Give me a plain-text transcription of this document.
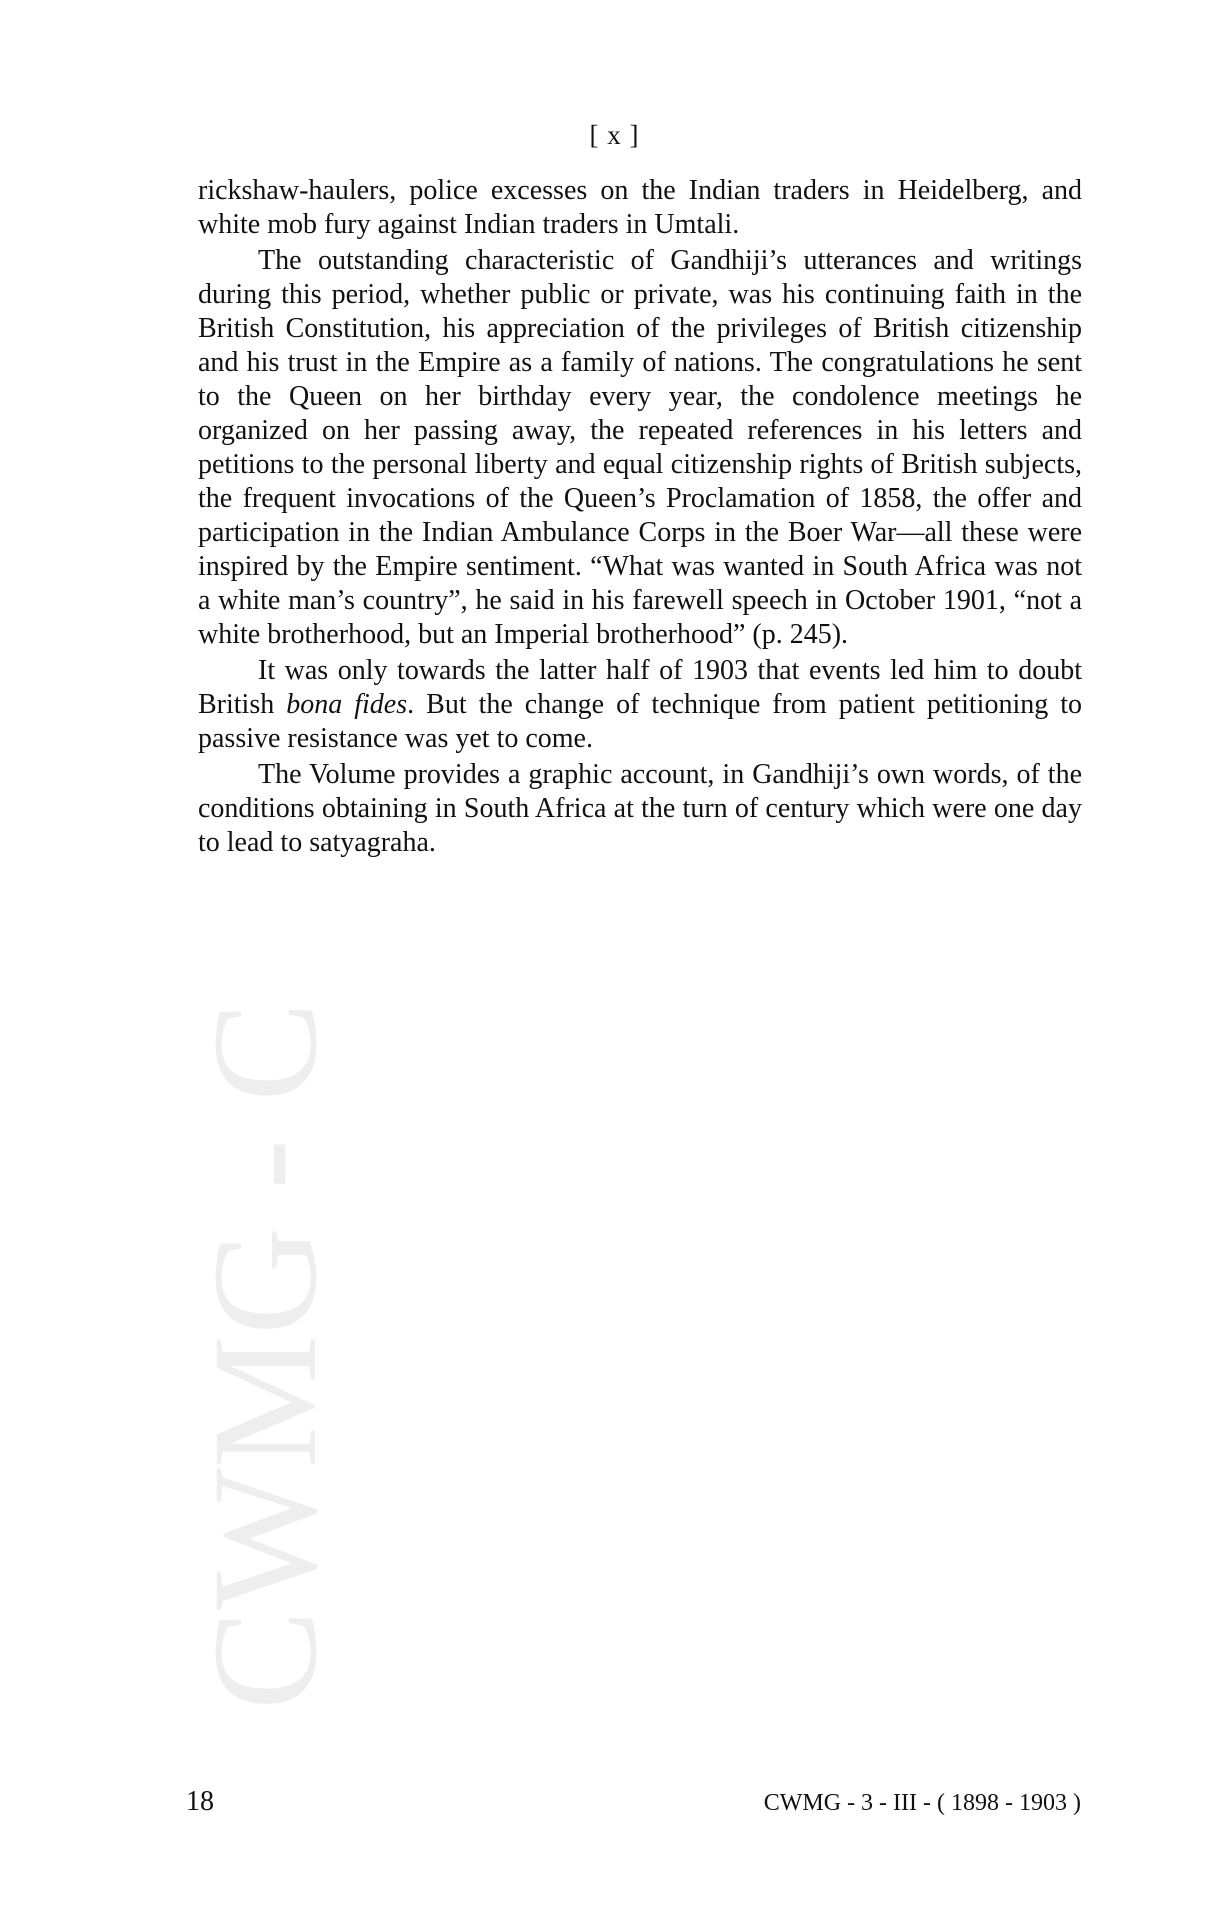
CWMG - C
[ x ]

rickshaw-haulers, police excesses on the Indian traders in Heidelberg, and white mob fury against Indian traders in Umtali.

The outstanding characteristic of Gandhiji’s utterances and writings during this period, whether public or private, was his continuing faith in the British Constitution, his appreciation of the privileges of British citizenship and his trust in the Empire as a family of nations. The congratulations he sent to the Queen on her birthday every year, the condolence meetings he organized on her passing away, the repeated references in his letters and petitions to the personal liberty and equal citizenship rights of British subjects, the frequent invocations of the Queen’s Proclamation of 1858, the offer and participation in the Indian Ambulance Corps in the Boer War—all these were inspired by the Empire sentiment. “What was wanted in South Africa was not a white man’s country”, he said in his farewell speech in October 1901, “not a white brotherhood, but an Imperial brotherhood” (p. 245).

It was only towards the latter half of 1903 that events led him to doubt British bona fides. But the change of technique from patient petitioning to passive resistance was yet to come.

The Volume provides a graphic account, in Gandhiji’s own words, of the conditions obtaining in South Africa at the turn of century which were one day to lead to satyagraha.

18	CWMG - 3 - III - ( 1898 - 1903 )
